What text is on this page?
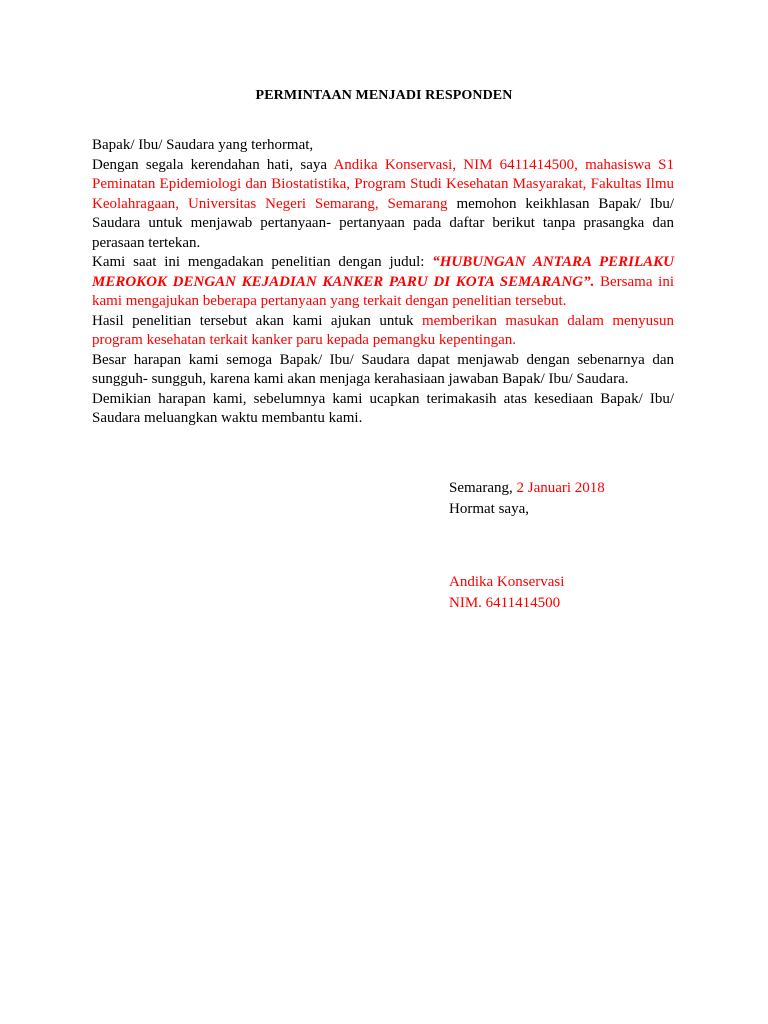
PERMINTAAN MENJADI RESPONDEN

Bapak/ Ibu/ Saudara yang terhormat,

Dengan segala kerendahan hati, saya Andika Konservasi, NIM 6411414500, mahasiswa S1 Peminatan Epidemiologi dan Biostatistika, Program Studi Kesehatan Masyarakat, Fakultas Ilmu Keolahragaan, Universitas Negeri Semarang, Semarang memohon keikhlasan Bapak/ Ibu/ Saudara untuk menjawab pertanyaan- pertanyaan pada daftar berikut tanpa prasangka dan perasaan tertekan.

Kami saat ini mengadakan penelitian dengan judul: “HUBUNGAN ANTARA PERILAKU MEROKOK DENGAN KEJADIAN KANKER PARU DI KOTA SEMARANG”. Bersama ini kami mengajukan beberapa pertanyaan yang terkait dengan penelitian tersebut.

Hasil penelitian tersebut akan kami ajukan untuk memberikan masukan dalam menyusun program kesehatan terkait kanker paru kepada pemangku kepentingan.

Besar harapan kami semoga Bapak/ Ibu/ Saudara dapat menjawab dengan sebenarnya dan sungguh- sungguh, karena kami akan menjaga kerahasiaan jawaban Bapak/ Ibu/ Saudara.

Demikian harapan kami, sebelumnya kami ucapkan terimakasih atas kesediaan Bapak/ Ibu/ Saudara meluangkan waktu membantu kami.

Semarang, 2 Januari 2018
Hormat saya,
Andika Konservasi
NIM. 6411414500
